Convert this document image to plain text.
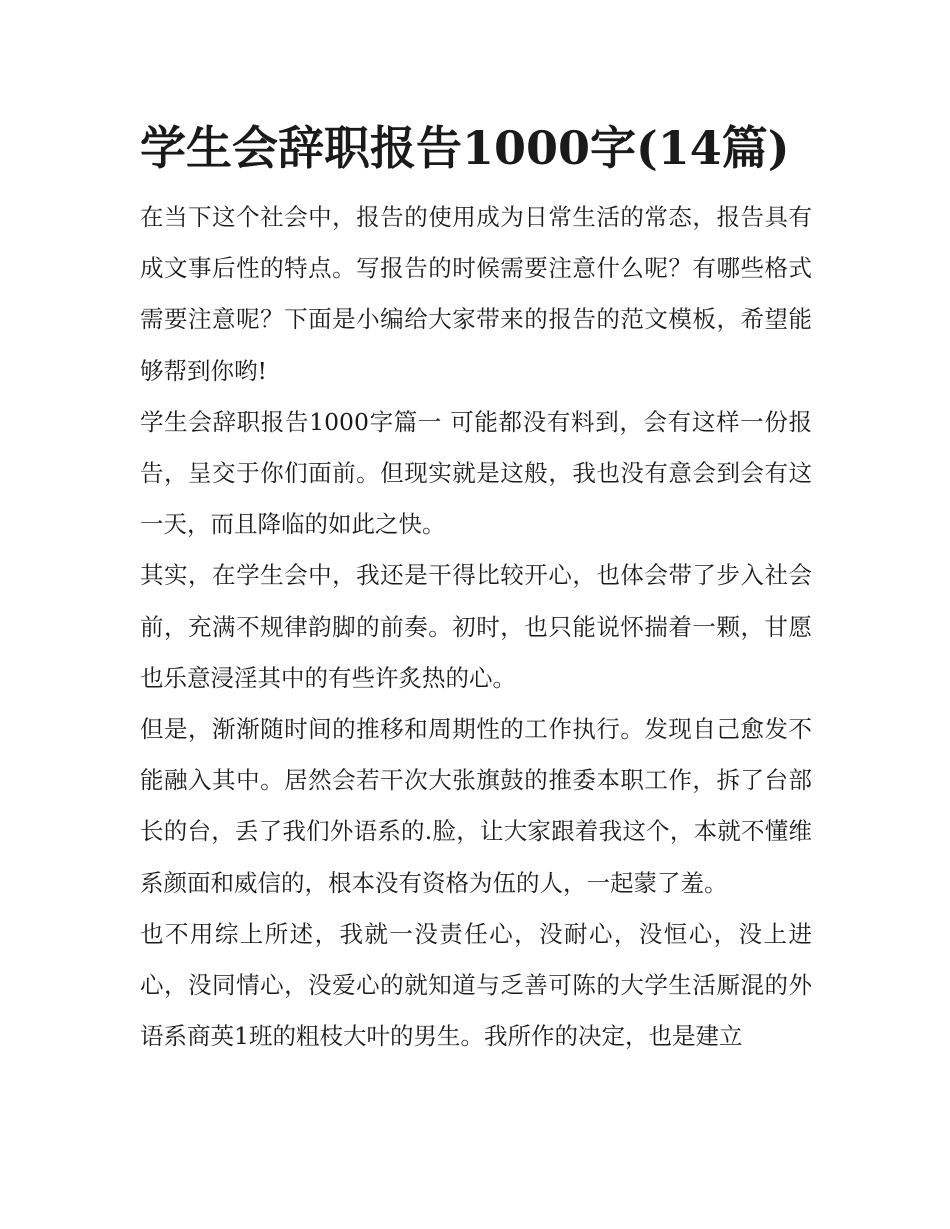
学生会辞职报告1000字(14篇)

在当下这个社会中，报告的使用成为日常生活的常态，报告具有成文事后性的特点。写报告的时候需要注意什么呢？有哪些格式需要注意呢？下面是小编给大家带来的报告的范文模板，希望能够帮到你哟!

学生会辞职报告1000字篇一 可能都没有料到，会有这样一份报告，呈交于你们面前。但现实就是这般，我也没有意会到会有这一天，而且降临的如此之快。

其实，在学生会中，我还是干得比较开心，也体会带了步入社会前，充满不规律韵脚的前奏。初时，也只能说怀揣着一颗，甘愿也乐意浸淫其中的有些许炙热的心。

但是，渐渐随时间的推移和周期性的工作执行。发现自己愈发不能融入其中。居然会若干次大张旗鼓的推委本职工作，拆了台部长的台，丢了我们外语系的.脸，让大家跟着我这个，本就不懂维系颜面和威信的，根本没有资格为伍的人，一起蒙了羞。

也不用综上所述，我就一没责任心，没耐心，没恒心，没上进心，没同情心，没爱心的就知道与乏善可陈的大学生活厮混的外语系商英1班的粗枝大叶的男生。我所作的决定，也是建立
